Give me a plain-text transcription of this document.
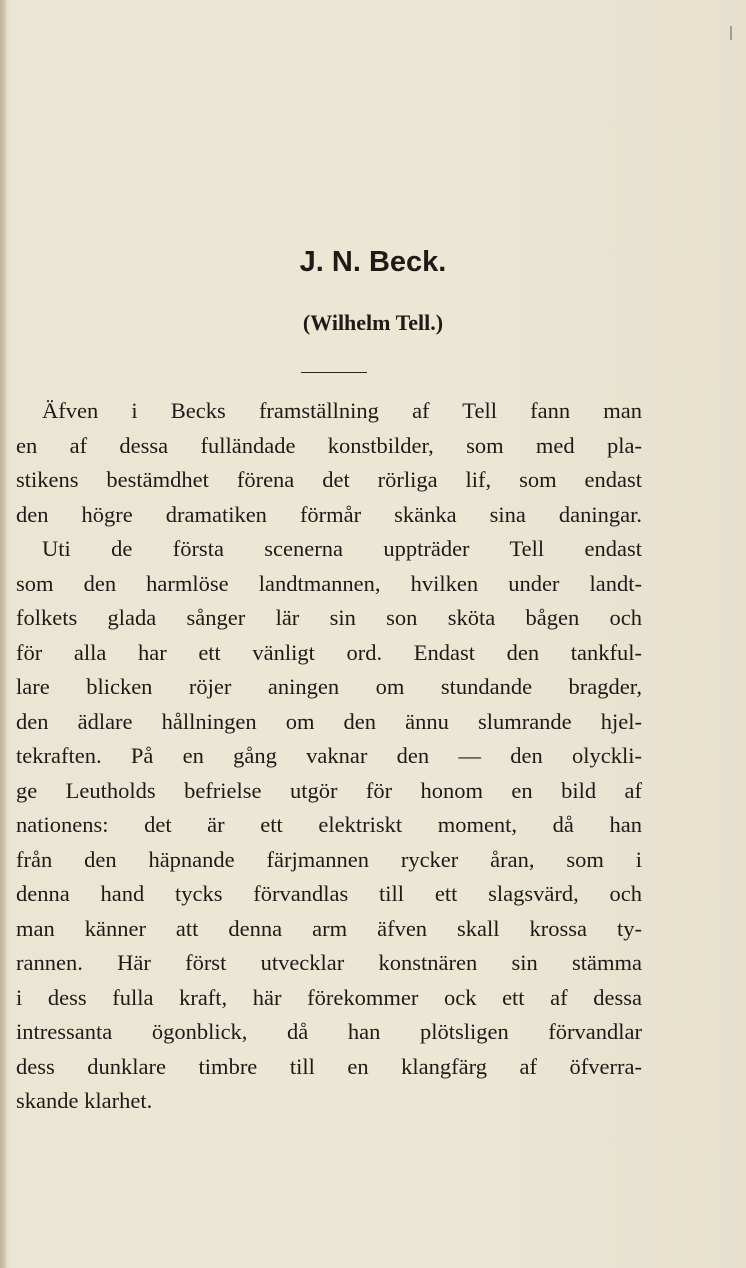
J. N. Beck.
(Wilhelm Tell.)
Äfven i Becks framställning af Tell fann man
en af dessa fulländade konstbilder, som med pla-
stikens bestämdhet förena det rörliga lif, som endast
den högre dramatiken förmår skänka sina daningar.
Uti de första scenerna uppträder Tell endast
som den harmlöse landtmannen, hvilken under landt-
folkets glada sånger lär sin son sköta bågen och
för alla har ett vänligt ord. Endast den tankful-
lare blicken röjer aningen om stundande bragder,
den ädlare hållningen om den ännu slumrande hjel-
tekraften. På en gång vaknar den — den olyckli-
ge Leutholds befrielse utgör för honom en bild af
nationens: det är ett elektriskt moment, då han
från den häpnande färjmannen rycker åran, som i
denna hand tycks förvandlas till ett slagsvärd, och
man känner att denna arm äfven skall krossa ty-
rannen. Här först utvecklar konstnären sin stämma
i dess fulla kraft, här förekommer ock ett af dessa
intressanta ögonblick, då han plötsligen förvandlar
dess dunklare timbre till en klangfärg af öfverra-
skande klarhet.
